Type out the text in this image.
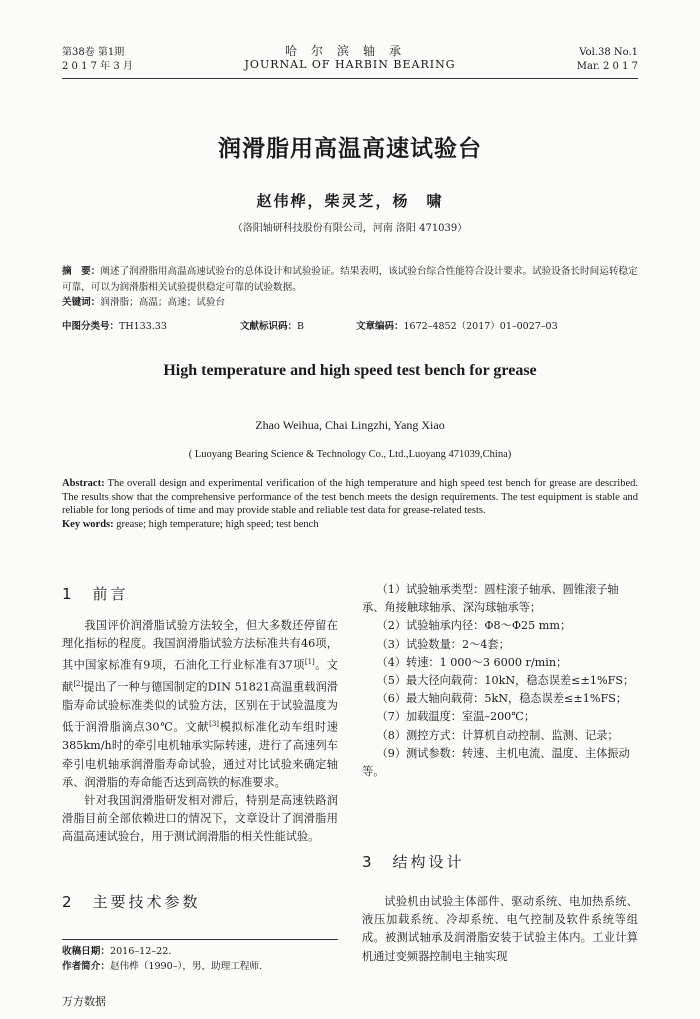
第38卷 第1期
2 0 1 7 年 3 月
哈尔滨轴承
JOURNAL OF HARBIN BEARING
Vol.38 No.1
Mar. 2 0 1 7
润滑脂用高温高速试验台
赵伟桦，柴灵芝，杨　啸
（洛阳轴研科技股份有限公司，河南 洛阳 471039）
摘　要：阐述了润滑脂用高温高速试验台的总体设计和试验验证。结果表明，该试验台综合性能符合设计要求。试验设备长时间运转稳定可靠，可以为润滑脂相关试验提供稳定可靠的试验数据。
关键词：润滑脂；高温；高速；试验台
中图分类号：TH133.33	文献标识码：B	文章编码：1672–4852（2017）01–0027–03
High temperature and high speed test bench for grease
Zhao Weihua, Chai Lingzhi, Yang Xiao
( Luoyang Bearing Science & Technology Co., Ltd.,Luoyang 471039,China)
Abstract: The overall design and experimental verification of the high temperature and high speed test bench for grease are described. The results show that the comprehensive performance of the test bench meets the design requirements. The test equipment is stable and reliable for long periods of time and may provide stable and reliable test data for grease-related tests.
Key words: grease; high temperature; high speed; test bench
1　前言

我国评价润滑脂试验方法较全，但大多数还停留在理化指标的程度。我国润滑脂试验方法标准共有46项，其中国家标准有9项，石油化工行业标准有37项[1]。文献[2]提出了一种与德国制定的DIN 51821高温重载润滑脂寿命试验标准类似的试验方法，区别在于试验温度为低于润滑脂滴点30℃。文献[3]模拟标准化动车组时速385km/h时的牵引电机轴承实际转速，进行了高速列车牵引电机轴承润滑脂寿命试验，通过对比试验来确定轴承、润滑脂的寿命能否达到高铁的标准要求。

针对我国润滑脂研发相对滞后，特别是高速铁路润滑脂目前全部依赖进口的情况下，文章设计了润滑脂用高温高速试验台，用于测试润滑脂的相关性能试验。

2　主要技术参数
收稿日期：2016–12–22.
作者简介：赵伟桦（1990–），男，助理工程师.
（1）试验轴承类型：圆柱滚子轴承、圆锥滚子轴承、角接触球轴承、深沟球轴承等；
（2）试验轴承内径：Φ8～Φ25 mm；
（3）试验数量：2～4套；
（4）转速：1 000～3 6000 r/min；
（5）最大径向载荷：10kN，稳态误差≤±1%FS；
（6）最大轴向载荷：5kN，稳态误差≤±1%FS；
（7）加载温度：室温–200℃；
（8）测控方式：计算机自动控制、监测、记录；
（9）测试参数：转速、主机电流、温度、主体振动等。
3　结构设计

试验机由试验主体部件、驱动系统、电加热系统、液压加载系统、冷却系统、电气控制及软件系统等组成。被测试轴承及润滑脂安装于试验主体内。工业计算机通过变频器控制电主轴实现

万方数据
